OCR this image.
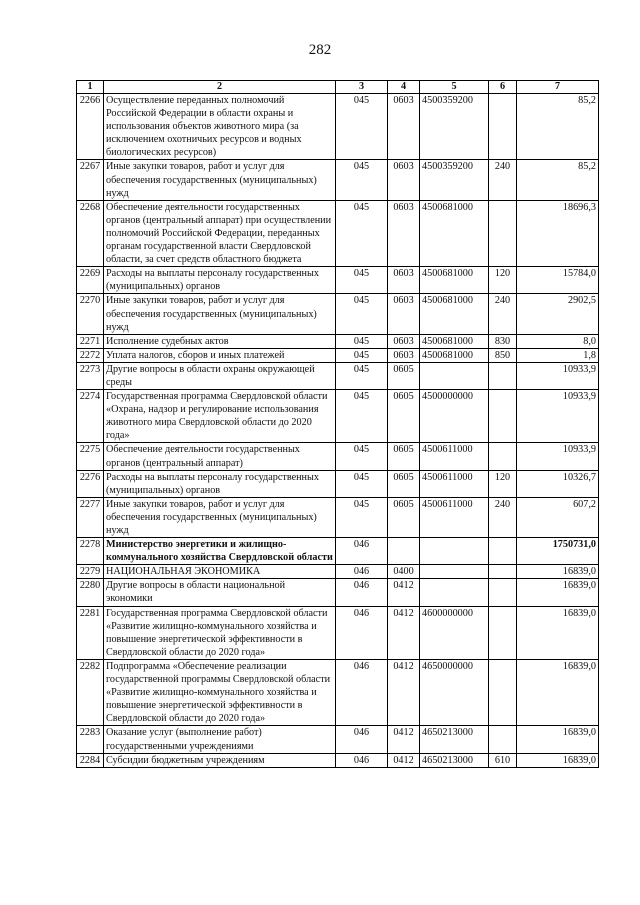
282
1	2	3	4	5	6	7
2266	Осуществление переданных полномочий Российской Федерации в области охраны и использования объектов животного мира (за исключением охотничьих ресурсов и водных биологических ресурсов)	045	0603	4500359200		85,2
2267	Иные закупки товаров, работ и услуг для обеспечения государственных (муниципальных) нужд	045	0603	4500359200	240	85,2
2268	Обеспечение деятельности государственных органов (центральный аппарат) при осуществлении полномочий Российской Федерации, переданных органам государственной власти Свердловской области, за счет средств областного бюджета	045	0603	4500681000		18696,3
2269	Расходы на выплаты персоналу государственных (муниципальных) органов	045	0603	4500681000	120	15784,0
2270	Иные закупки товаров, работ и услуг для обеспечения государственных (муниципальных) нужд	045	0603	4500681000	240	2902,5
2271	Исполнение судебных актов	045	0603	4500681000	830	8,0
2272	Уплата налогов, сборов и иных платежей	045	0603	4500681000	850	1,8
2273	Другие вопросы в области охраны окружающей среды	045	0605			10933,9
2274	Государственная программа Свердловской области «Охрана, надзор и регулирование использования животного мира Свердловской области до 2020 года»	045	0605	4500000000		10933,9
2275	Обеспечение деятельности государственных органов (центральный аппарат)	045	0605	4500611000		10933,9
2276	Расходы на выплаты персоналу государственных (муниципальных) органов	045	0605	4500611000	120	10326,7
2277	Иные закупки товаров, работ и услуг для обеспечения государственных (муниципальных) нужд	045	0605	4500611000	240	607,2
2278	Министерство энергетики и жилищно-коммунального хозяйства Свердловской области	046				1750731,0
2279	НАЦИОНАЛЬНАЯ ЭКОНОМИКА	046	0400			16839,0
2280	Другие вопросы в области национальной экономики	046	0412			16839,0
2281	Государственная программа Свердловской области «Развитие жилищно-коммунального хозяйства и повышение энергетической эффективности в Свердловской области до 2020 года»	046	0412	4600000000		16839,0
2282	Подпрограмма «Обеспечение реализации государственной программы Свердловской области «Развитие жилищно-коммунального хозяйства и повышение энергетической эффективности в Свердловской области до 2020 года»	046	0412	4650000000		16839,0
2283	Оказание услуг (выполнение работ) государственными учреждениями	046	0412	4650213000		16839,0
2284	Субсидии бюджетным учреждениям	046	0412	4650213000	610	16839,0
